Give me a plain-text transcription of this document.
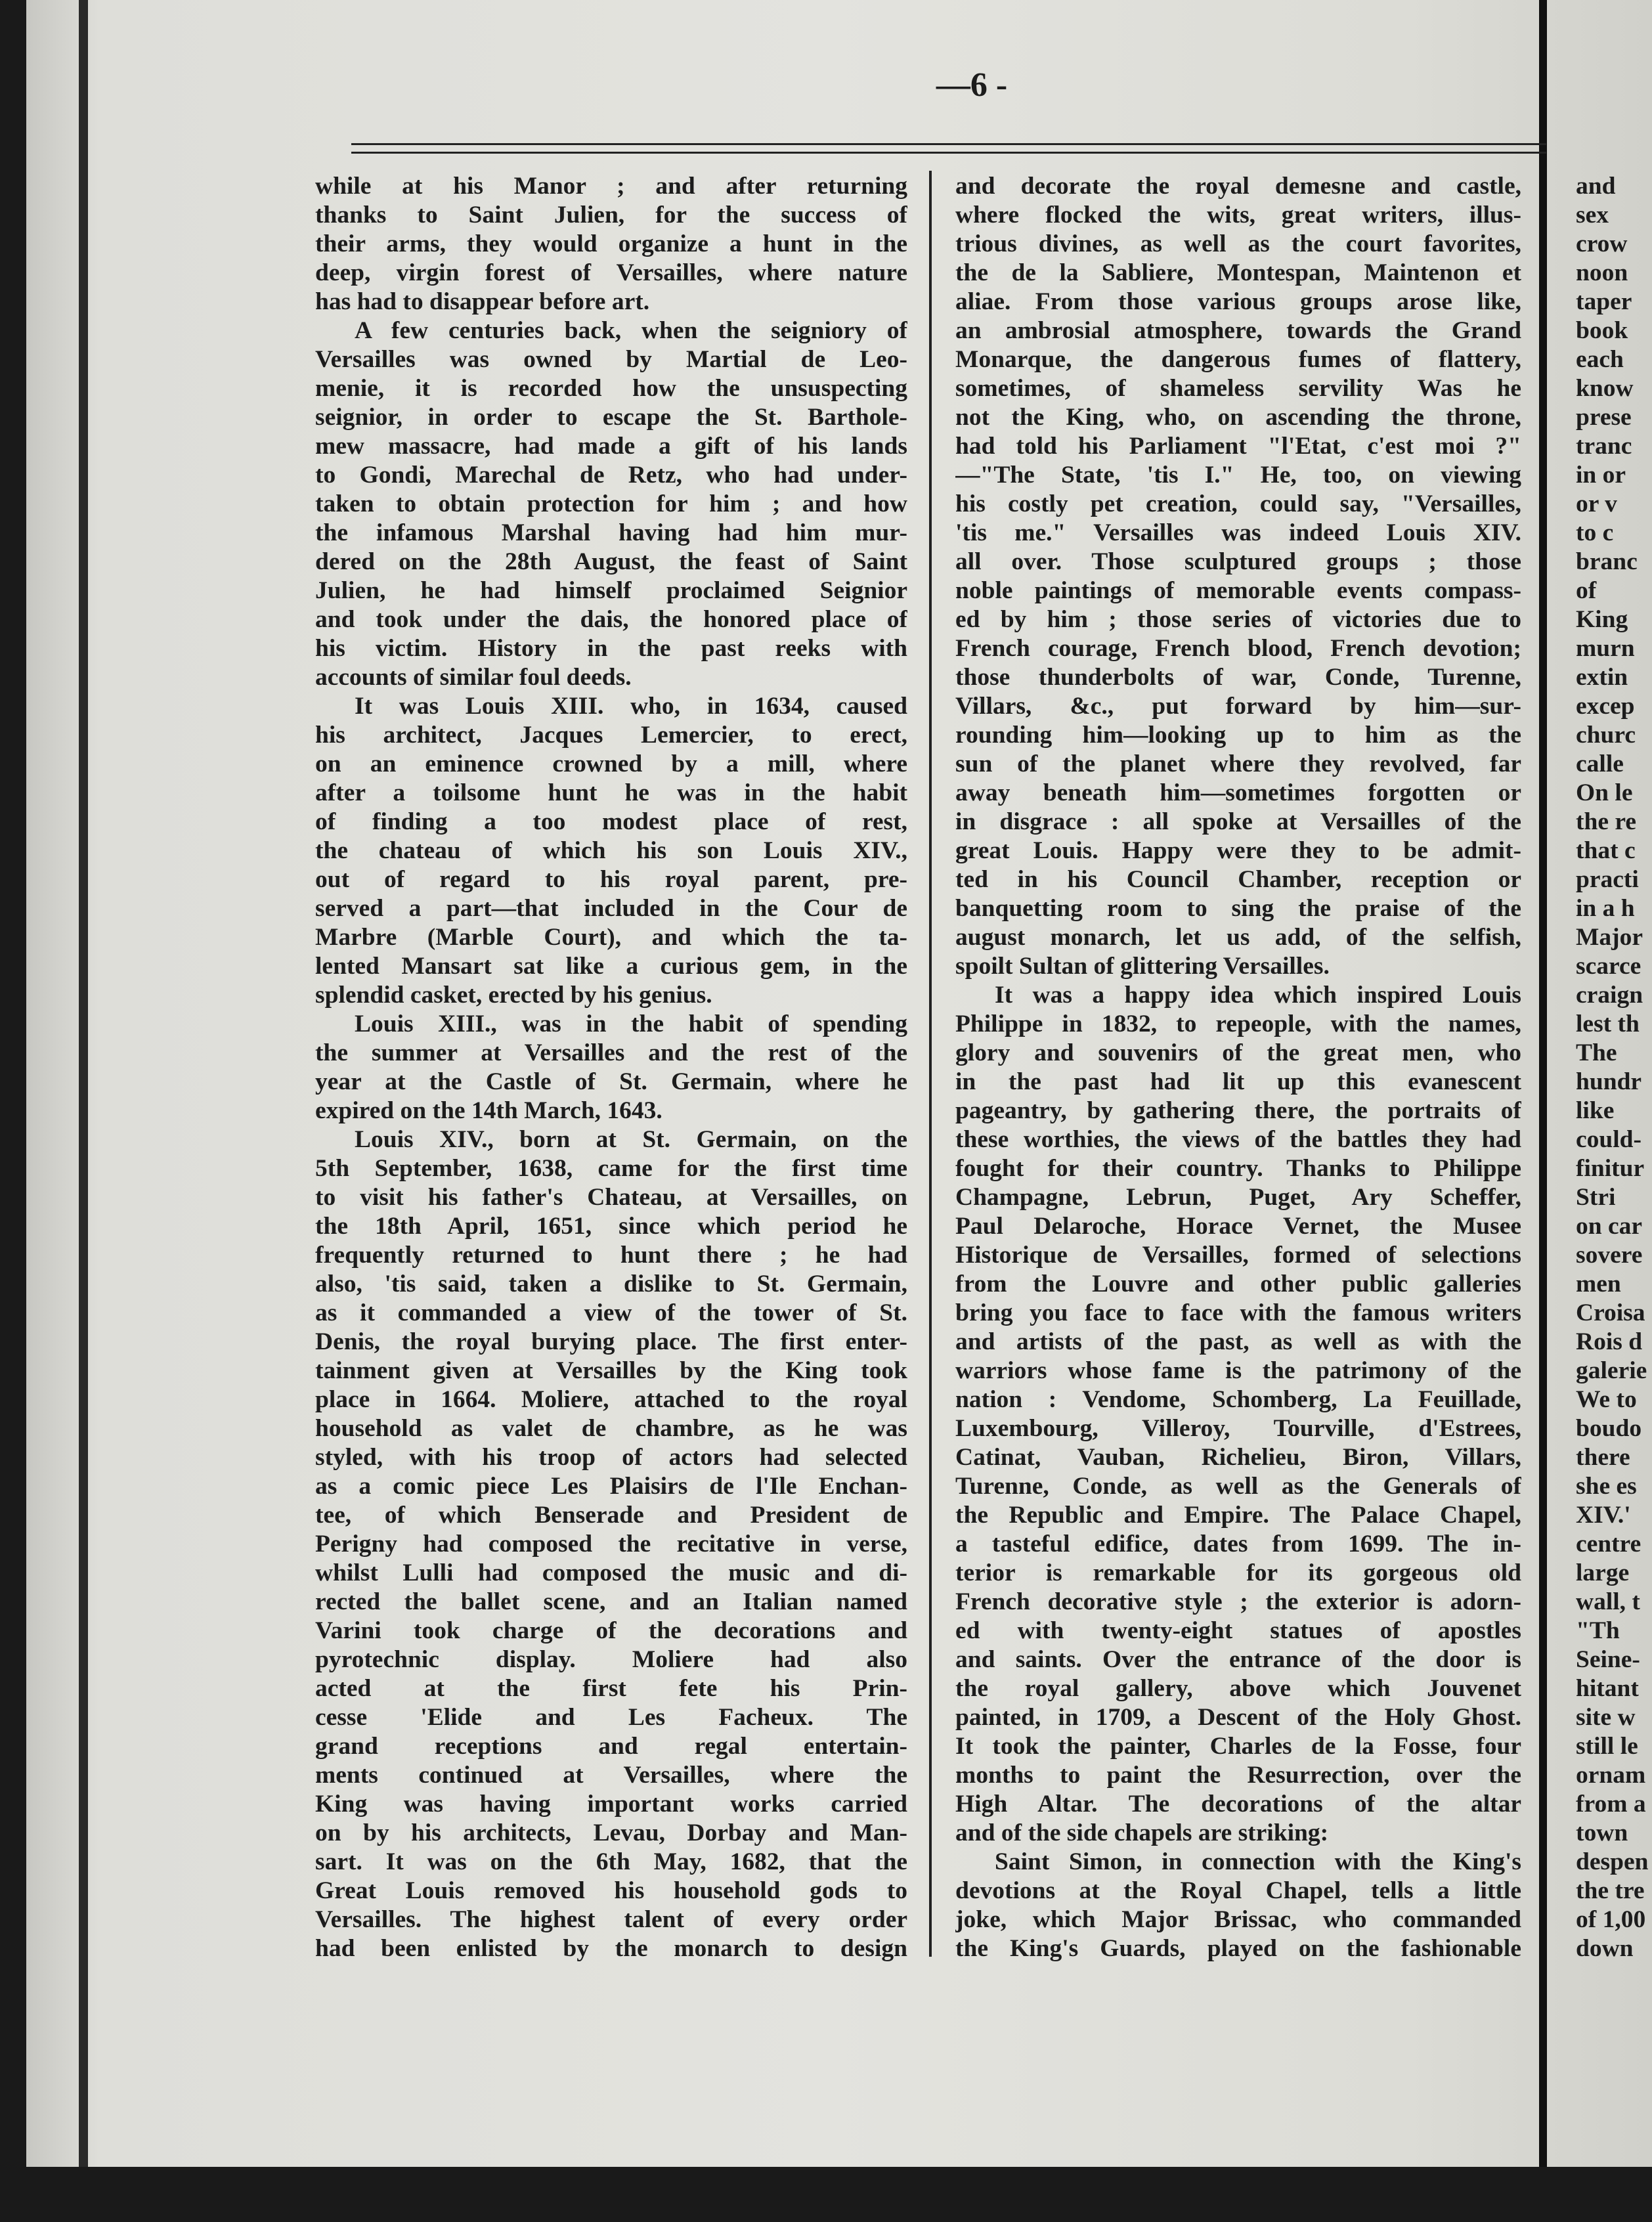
—6 -
while at his Manor ; and after returning
thanks to Saint Julien, for the success of
their arms, they would organize a hunt in the
deep, virgin forest of Versailles, where nature
has had to disappear before art.
A few centuries back, when the seigniory of
Versailles was owned by Martial de Leo-
menie, it is recorded how the unsuspecting
seignior, in order to escape the St. Barthole-
mew massacre, had made a gift of his lands
to Gondi, Marechal de Retz, who had under-
taken to obtain protection for him ; and how
the infamous Marshal having had him mur-
dered on the 28th August, the feast of Saint
Julien, he had himself proclaimed Seignior
and took under the dais, the honored place of
his victim. History in the past reeks with
accounts of similar foul deeds.
It was Louis XIII. who, in 1634, caused
his architect, Jacques Lemercier, to erect,
on an eminence crowned by a mill, where
after a toilsome hunt he was in the habit
of finding a too modest place of rest,
the chateau of which his son Louis XIV.,
out of regard to his royal parent, pre-
served a part—that included in the Cour de
Marbre (Marble Court), and which the ta-
lented Mansart sat like a curious gem, in the
splendid casket, erected by his genius.
Louis XIII., was in the habit of spending
the summer at Versailles and the rest of the
year at the Castle of St. Germain, where he
expired on the 14th March, 1643.
Louis XIV., born at St. Germain, on the
5th September, 1638, came for the first time
to visit his father's Chateau, at Versailles, on
the 18th April, 1651, since which period he
frequently returned to hunt there ; he had
also, 'tis said, taken a dislike to St. Germain,
as it commanded a view of the tower of St.
Denis, the royal burying place. The first enter-
tainment given at Versailles by the King took
place in 1664. Moliere, attached to the royal
household as valet de chambre, as he was
styled, with his troop of actors had selected
as a comic piece Les Plaisirs de l'Ile Enchan-
tee, of which Benserade and President de
Perigny had composed the recitative in verse,
whilst Lulli had composed the music and di-
rected the ballet scene, and an Italian named
Varini took charge of the decorations and
pyrotechnic display. Moliere had also
acted at the first fete his Prin-
cesse 'Elide and Les Facheux. The
grand receptions and regal entertain-
ments continued at Versailles, where the
King was having important works carried
on by his architects, Levau, Dorbay and Man-
sart. It was on the 6th May, 1682, that the
Great Louis removed his household gods to
Versailles. The highest talent of every order
had been enlisted by the monarch to design
and decorate the royal demesne and castle,
where flocked the wits, great writers, illus-
trious divines, as well as the court favorites,
the de la Sabliere, Montespan, Maintenon et
aliae. From those various groups arose like,
an ambrosial atmosphere, towards the Grand
Monarque, the dangerous fumes of flattery,
sometimes, of shameless servility Was he
not the King, who, on ascending the throne,
had told his Parliament "l'Etat, c'est moi ?"
—"The State, 'tis I." He, too, on viewing
his costly pet creation, could say, "Versailles,
'tis me." Versailles was indeed Louis XIV.
all over. Those sculptured groups ; those
noble paintings of memorable events compass-
ed by him ; those series of victories due to
French courage, French blood, French devotion;
those thunderbolts of war, Conde, Turenne,
Villars, &c., put forward by him—sur-
rounding him—looking up to him as the
sun of the planet where they revolved, far
away beneath him—sometimes forgotten or
in disgrace : all spoke at Versailles of the
great Louis. Happy were they to be admit-
ted in his Council Chamber, reception or
banquetting room to sing the praise of the
august monarch, let us add, of the selfish,
spoilt Sultan of glittering Versailles.
It was a happy idea which inspired Louis
Philippe in 1832, to repeople, with the names,
glory and souvenirs of the great men, who
in the past had lit up this evanescent
pageantry, by gathering there, the portraits of
these worthies, the views of the battles they had
fought for their country. Thanks to Philippe
Champagne, Lebrun, Puget, Ary Scheffer,
Paul Delaroche, Horace Vernet, the Musee
Historique de Versailles, formed of selections
from the Louvre and other public galleries
bring you face to face with the famous writers
and artists of the past, as well as with the
warriors whose fame is the patrimony of the
nation : Vendome, Schomberg, La Feuillade,
Luxembourg, Villeroy, Tourville, d'Estrees,
Catinat, Vauban, Richelieu, Biron, Villars,
Turenne, Conde, as well as the Generals of
the Republic and Empire. The Palace Chapel,
a tasteful edifice, dates from 1699. The in-
terior is remarkable for its gorgeous old
French decorative style ; the exterior is adorn-
ed with twenty-eight statues of apostles
and saints. Over the entrance of the door is
the royal gallery, above which Jouvenet
painted, in 1709, a Descent of the Holy Ghost.
It took the painter, Charles de la Fosse, four
months to paint the Resurrection, over the
High Altar. The decorations of the altar
and of the side chapels are striking:
Saint Simon, in connection with the King's
devotions at the Royal Chapel, tells a little
joke, which Major Brissac, who commanded
the King's Guards, played on the fashionable
and
sex
crow
noon
taper
book
each
know
prese
tranc
in or
or v
to c
branc
of
King
murn
extin
excep
churc
calle
On le
the re
that c
practi
in a h
Major
scarce
craign
lest th
The
hundr
like
could-
finitur
Stri
on car
sovere
men
Croisa
Rois d
galerie
We to
boudo
there
she es
XIV.'
centre
large
wall, t
"Th
Seine-
hitant
site w
still le
ornam
from a
town
despen
the tre
of 1,00
down
